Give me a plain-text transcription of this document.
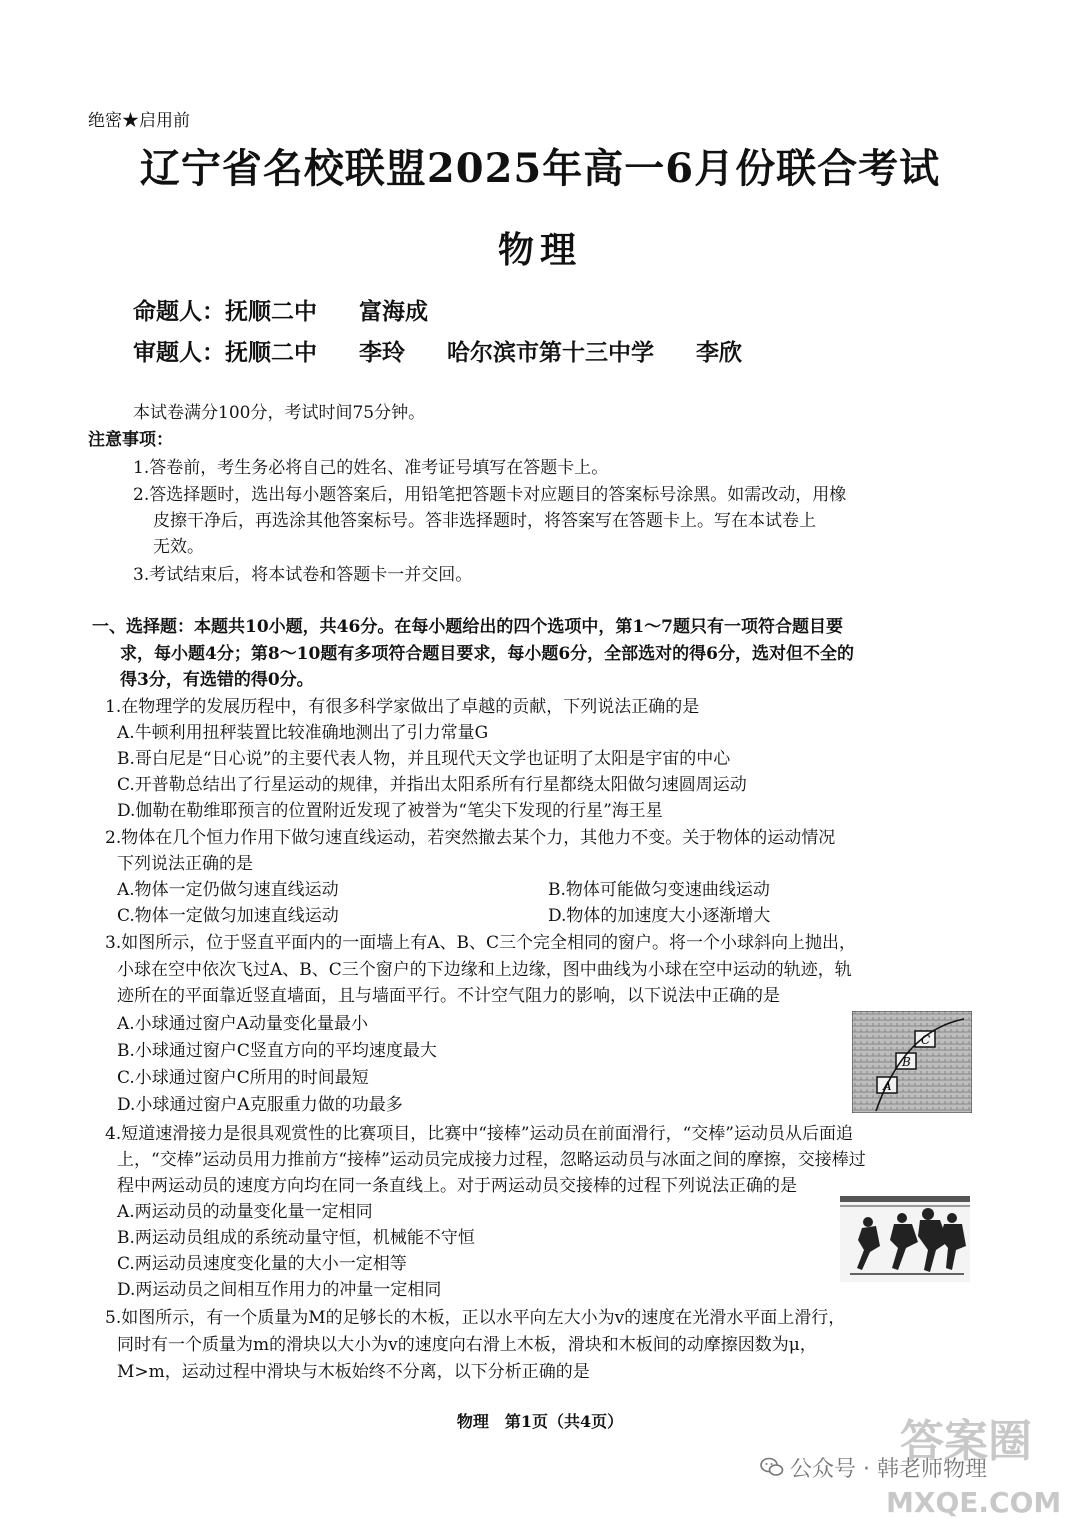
绝密★启用前
辽宁省名校联盟2025年高一6月份联合考试
物理
命题人：抚顺二中 富海成
审题人：抚顺二中 李玲 哈尔滨市第十三中学 李欣
本试卷满分100分，考试时间75分钟。
注意事项：
1.答卷前，考生务必将自己的姓名、准考证号填写在答题卡上。
2.答选择题时，选出每小题答案后，用铅笔把答题卡对应题目的答案标号涂黑。如需改动，用橡
皮擦干净后，再选涂其他答案标号。答非选择题时，将答案写在答题卡上。写在本试卷上
无效。
3.考试结束后，将本试卷和答题卡一并交回。
一、选择题：本题共10小题，共46分。在每小题给出的四个选项中，第1～7题只有一项符合题目要
求，每小题4分；第8～10题有多项符合题目要求，每小题6分，全部选对的得6分，选对但不全的
得3分，有选错的得0分。
1.在物理学的发展历程中，有很多科学家做出了卓越的贡献，下列说法正确的是
A.牛顿利用扭秤装置比较准确地测出了引力常量G
B.哥白尼是“日心说”的主要代表人物，并且现代天文学也证明了太阳是宇宙的中心
C.开普勒总结出了行星运动的规律，并指出太阳系所有行星都绕太阳做匀速圆周运动
D.伽勒在勒维耶预言的位置附近发现了被誉为“笔尖下发现的行星”海王星
2.物体在几个恒力作用下做匀速直线运动，若突然撤去某个力，其他力不变。关于物体的运动情况
下列说法正确的是
A.物体一定仍做匀速直线运动	B.物体可能做匀变速曲线运动
C.物体一定做匀加速直线运动	D.物体的加速度大小逐渐增大
3.如图所示，位于竖直平面内的一面墙上有A、B、C三个完全相同的窗户。将一个小球斜向上抛出，
小球在空中依次飞过A、B、C三个窗户的下边缘和上边缘，图中曲线为小球在空中运动的轨迹，轨
迹所在的平面靠近竖直墙面，且与墙面平行。不计空气阻力的影响，以下说法中正确的是
A.小球通过窗户A动量变化量最小
B.小球通过窗户C竖直方向的平均速度最大
C.小球通过窗户C所用的时间最短
D.小球通过窗户A克服重力做的功最多
A
B
C
4.短道速滑接力是很具观赏性的比赛项目，比赛中“接棒”运动员在前面滑行，“交棒”运动员从后面追
上，“交棒”运动员用力推前方“接棒”运动员完成接力过程，忽略运动员与冰面之间的摩擦，交接棒过
程中两运动员的速度方向均在同一条直线上。对于两运动员交接棒的过程下列说法正确的是
A.两运动员的动量变化量一定相同
B.两运动员组成的系统动量守恒，机械能不守恒
C.两运动员速度变化量的大小一定相等
D.两运动员之间相互作用力的冲量一定相同
5.如图所示，有一个质量为M的足够长的木板，正以水平向左大小为v的速度在光滑水平面上滑行，
同时有一个质量为m的滑块以大小为v的速度向右滑上木板，滑块和木板间的动摩擦因数为μ，
M>m，运动过程中滑块与木板始终不分离，以下分析正确的是
物理　第1页（共4页）
公众号 · 韩老师物理
答案圈
MXQE.COM
